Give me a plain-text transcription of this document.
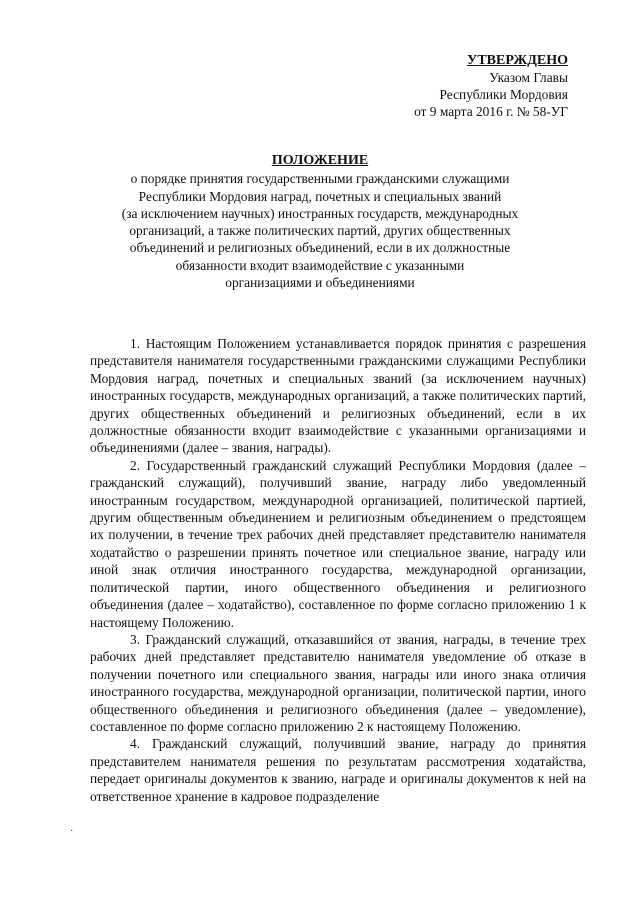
УТВЕРЖДЕНО
Указом Главы
Республики Мордовия
от 9 марта 2016 г. № 58-УГ
ПОЛОЖЕНИЕ
о порядке принятия государственными гражданскими служащими
Республики Мордовия наград, почетных и специальных званий
(за исключением научных) иностранных государств, международных
организаций, а также политических партий, других общественных
объединений и религиозных объединений, если в их должностные
обязанности входит взаимодействие с указанными
организациями и объединениями

1. Настоящим Положением устанавливается порядок принятия с разрешения представителя нанимателя государственными гражданскими служащими Республики Мордовия наград, почетных и специальных званий (за исключением научных) иностранных государств, международных организаций, а также политических партий, других общественных объединений и религиозных объединений, если в их должностные обязанности входит взаимодействие с указанными организациями и объединениями (далее – звания, награды).

2. Государственный гражданский служащий Республики Мордовия (далее – гражданский служащий), получивший звание, награду либо уведомленный иностранным государством, международной организацией, политической партией, другим общественным объединением и религиозным объединением о предстоящем их получении, в течение трех рабочих дней представляет представителю нанимателя ходатайство о разрешении принять почетное или специальное звание, награду или иной знак отличия иностранного государства, международной организации, политической партии, иного общественного объединения и религиозного объединения (далее – ходатайство), составленное по форме согласно приложению 1 к настоящему Положению.

3. Гражданский служащий, отказавшийся от звания, награды, в течение трех рабочих дней представляет представителю нанимателя уведомление об отказе в получении почетного или специального звания, награды или иного знака отличия иностранного государства, международной организации, политической партии, иного общественного объединения и религиозного объединения (далее – уведомление), составленное по форме согласно приложению 2 к настоящему Положению.

4. Гражданский служащий, получивший звание, награду до принятия представителем нанимателя решения по результатам рассмотрения ходатайства, передает оригиналы документов к званию, награде и оригиналы документов к ней на ответственное хранение в кадровое подразделение

·
